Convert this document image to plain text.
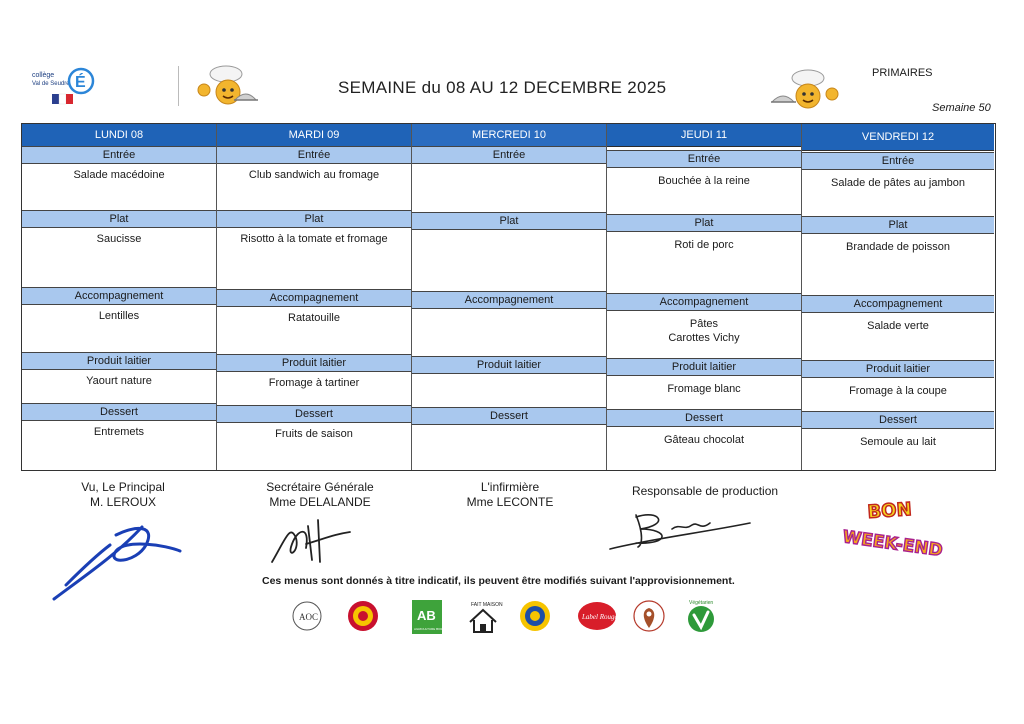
collège
Val de Seudre É	SEMAINE du 08 AU 12 DECEMBRE 2025
PRIMAIRES
Semaine 50
LUNDI 08
Entrée
Salade macédoine
Plat
Saucisse
Accompagnement
Lentilles
Produit laitier
Yaourt nature
Dessert
Entremets
MARDI 09
Entrée
Club sandwich au fromage
Plat
Risotto à la tomate et fromage
Accompagnement
Ratatouille
Produit laitier
Fromage à tartiner
Dessert
Fruits de saison
MERCREDI 10
Entrée
Plat
Accompagnement
Produit laitier
Dessert
JEUDI 11
Entrée
Bouchée à la reine
Plat
Roti de porc
Accompagnement
Pâtes
Carottes Vichy
Produit laitier
Fromage blanc
Dessert
Gâteau chocolat
VENDREDI 12
Entrée
Salade de pâtes au jambon
Plat
Brandade de poisson
Accompagnement
Salade verte
Produit laitier
Fromage à la coupe
Dessert
Semoule au lait
Vu, Le Principal
M. LEROUX
Secrétaire Générale
Mme DELALANDE
L'infirmière
Mme LECONTE
Responsable de production
BON
WEEK-END
Ces menus sont donnés à titre indicatif, ils peuvent être modifiés suivant l'approvisionnement.
AOC	AB
AGRICULTURE BIOLOGIQUE
FAIT MAISON
Label Rouge
Végétarien
